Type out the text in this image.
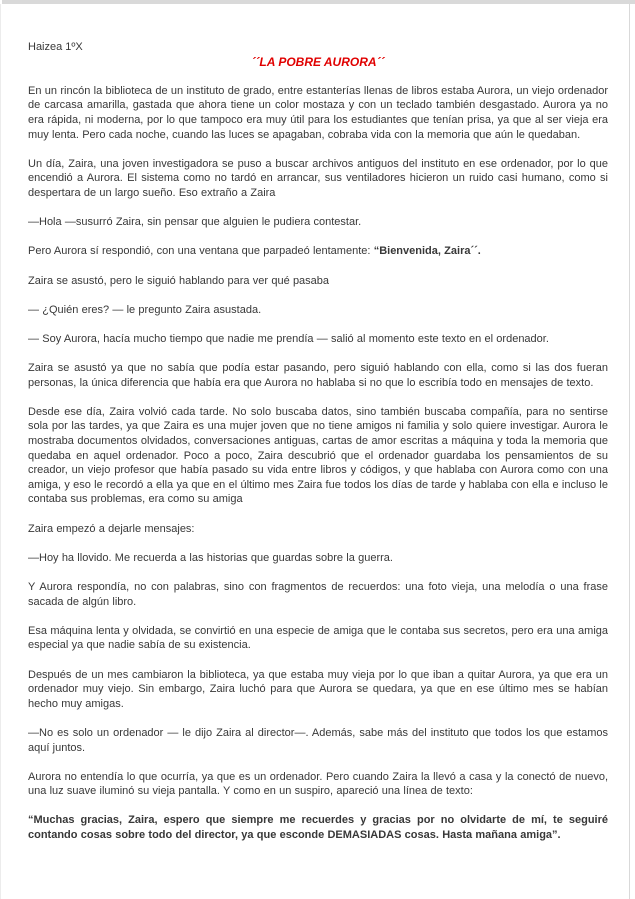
Haizea 1ºX
´´LA POBRE AURORA´´

En un rincón la biblioteca de un instituto de grado, entre estanterías llenas de libros estaba Aurora, un viejo ordenador de carcasa amarilla, gastada que ahora tiene un color mostaza y con un teclado también desgastado. Aurora ya no era rápida, ni moderna, por lo que tampoco era muy útil para los estudiantes que tenían prisa, ya que al ser vieja era muy lenta. Pero cada noche, cuando las luces se apagaban, cobraba vida con la memoria que aún le quedaban.

Un día, Zaira, una joven investigadora se puso a buscar archivos antiguos del instituto en ese ordenador, por lo que encendió a Aurora. El sistema como no tardó en arrancar, sus ventiladores hicieron un ruido casi humano, como si despertara de un largo sueño. Eso extraño a Zaira

—Hola —susurró Zaira, sin pensar que alguien le pudiera contestar.

Pero Aurora sí respondió, con una ventana que parpadeó lentamente: “Bienvenida, Zaira´´.

Zaira se asustó, pero le siguió hablando para ver qué pasaba

— ¿Quién eres? — le pregunto Zaira asustada.

— Soy Aurora, hacía mucho tiempo que nadie me prendía — salió al momento este texto en el ordenador.

Zaira se asustó ya que no sabía que podía estar pasando, pero siguió hablando con ella, como si las dos fueran personas, la única diferencia que había era que Aurora no hablaba si no que lo escribía todo en mensajes de texto.

Desde ese día, Zaira volvió cada tarde. No solo buscaba datos, sino también buscaba compañía, para no sentirse sola por las tardes, ya que Zaira es una mujer joven que no tiene amigos ni familia y solo quiere investigar. Aurora le mostraba documentos olvidados, conversaciones antiguas, cartas de amor escritas a máquina y toda la memoria que quedaba en aquel ordenador. Poco a poco, Zaira descubrió que el ordenador guardaba los pensamientos de su creador, un viejo profesor que había pasado su vida entre libros y códigos, y que hablaba con Aurora como con una amiga, y eso le recordó a ella ya que en el último mes Zaira fue todos los días de tarde y hablaba con ella e incluso le contaba sus problemas, era como su amiga

Zaira empezó a dejarle mensajes:

—Hoy ha llovido. Me recuerda a las historias que guardas sobre la guerra.

Y Aurora respondía, no con palabras, sino con fragmentos de recuerdos: una foto vieja, una melodía o una frase sacada de algún libro.

Esa máquina lenta y olvidada, se convirtió en una especie de amiga que le contaba sus secretos, pero era una amiga especial ya que nadie sabía de su existencia.

Después de un mes cambiaron la biblioteca, ya que estaba muy vieja por lo que iban a quitar Aurora, ya que era un ordenador muy viejo. Sin embargo, Zaira luchó para que Aurora se quedara, ya que en ese último mes se habían hecho muy amigas.

—No es solo un ordenador — le dijo Zaira al director—. Además, sabe más del instituto que todos los que estamos aquí juntos.

Aurora no entendía lo que ocurría, ya que es un ordenador. Pero cuando Zaira la llevó a casa y la conectó de nuevo, una luz suave iluminó su vieja pantalla. Y como en un suspiro, apareció una línea de texto:

“Muchas gracias, Zaira, espero que siempre me recuerdes y gracias por no olvidarte de mí, te seguiré contando cosas sobre todo del director, ya que esconde DEMASIADAS cosas. Hasta mañana amiga”.
